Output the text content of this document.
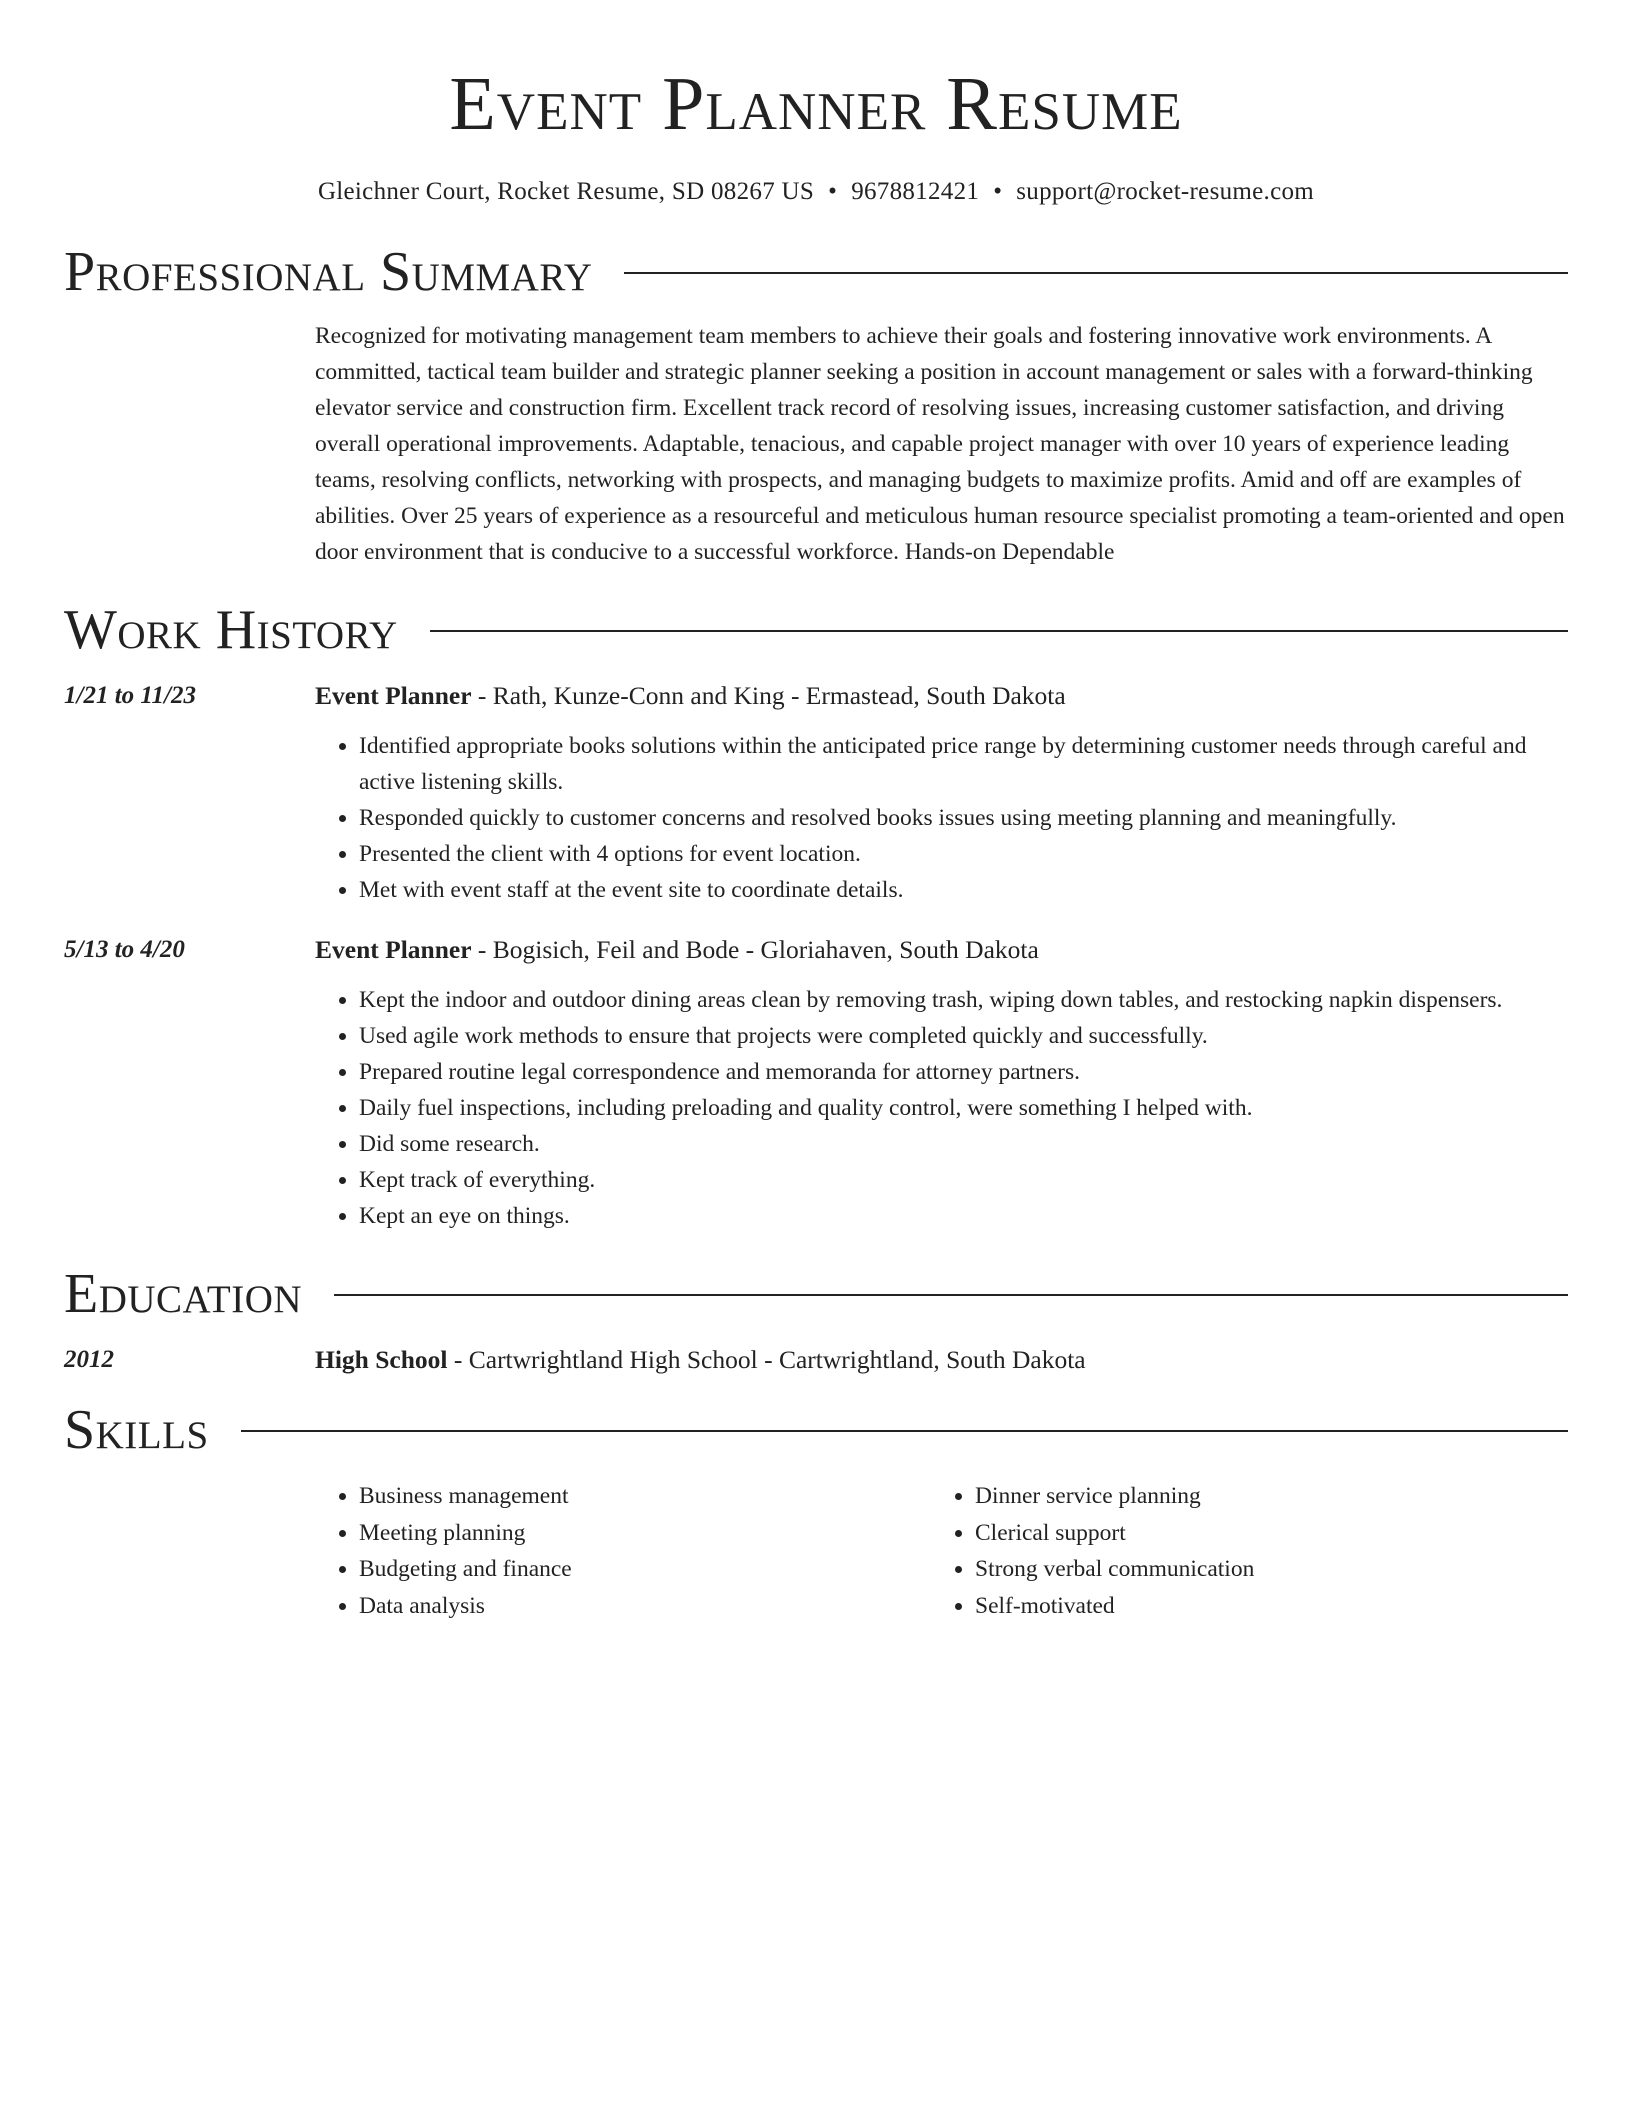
Event Planner Resume
Gleichner Court, Rocket Resume, SD 08267 US • 9678812421 • support@rocket-resume.com
Professional Summary
Recognized for motivating management team members to achieve their goals and fostering innovative work environments. A committed, tactical team builder and strategic planner seeking a position in account management or sales with a forward-thinking elevator service and construction firm. Excellent track record of resolving issues, increasing customer satisfaction, and driving overall operational improvements. Adaptable, tenacious, and capable project manager with over 10 years of experience leading teams, resolving conflicts, networking with prospects, and managing budgets to maximize profits. Amid and off are examples of abilities. Over 25 years of experience as a resourceful and meticulous human resource specialist promoting a team-oriented and open door environment that is conducive to a successful workforce. Hands-on Dependable
Work History
1/21 to 11/23	Event Planner - Rath, Kunze-Conn and King - Ermastead, South Dakota
• Identified appropriate books solutions within the anticipated price range by determining customer needs through careful and active listening skills.
• Responded quickly to customer concerns and resolved books issues using meeting planning and meaningfully.
• Presented the client with 4 options for event location.
• Met with event staff at the event site to coordinate details.
5/13 to 4/20	Event Planner - Bogisich, Feil and Bode - Gloriahaven, South Dakota
• Kept the indoor and outdoor dining areas clean by removing trash, wiping down tables, and restocking napkin dispensers.
• Used agile work methods to ensure that projects were completed quickly and successfully.
• Prepared routine legal correspondence and memoranda for attorney partners.
• Daily fuel inspections, including preloading and quality control, were something I helped with.
• Did some research.
• Kept track of everything.
• Kept an eye on things.
Education
2012	High School - Cartwrightland High School - Cartwrightland, South Dakota
Skills
• Business management
• Meeting planning
• Budgeting and finance
• Data analysis
• Dinner service planning
• Clerical support
• Strong verbal communication
• Self-motivated
